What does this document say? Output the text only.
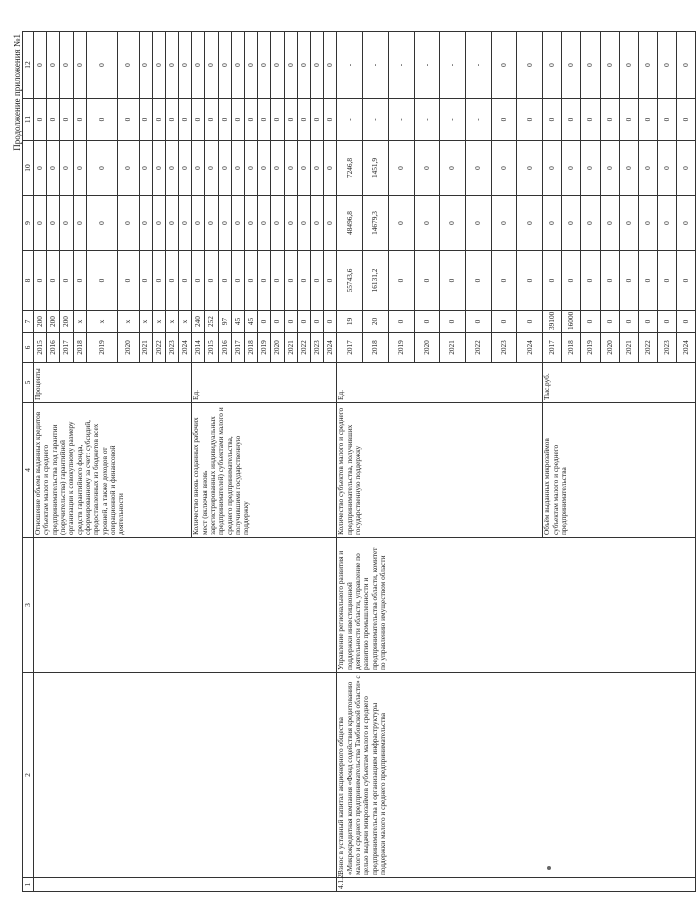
Продолжение приложения №1
1	2	3	4	5	6	7	8	9	10	11	12
			Отношение объема выданных кредитов субъектам малого и среднего предпринимательства под гарантии (поручительства) гарантийной организации к совокупному размеру средств гарантийного фонда, сформированному за счет: субсидий, предоставленных из бюджетов всех уровней, а также доходов от операционной и финансовой деятельности	Проценты	2015	200	0	0	0	0	0
					2016	200	0	0	0	0	0
					2017	200	0	0	0	0	0
					2018	х	0	0	0	0	0
					2019	х	0	0	0	0	0
					2020	х	0	0	0	0	0
					2021	х	0	0	0	0	0
					2022	х	0	0	0	0	0
					2023	х	0	0	0	0	0
					2024	х	0	0	0	0	0
			Количество вновь созданных рабочих мест (включая вновь зарегистрированных индивидуальных предпринимателей) субъектами малого и среднего предпринимательства, получившими государственную поддержку	Ед.	2014	240	0	0	0	0	0
					2015	252	0	0	0	0	0
					2016	97	0	0	0	0	0
					2017	45	0	0	0	0	0
					2018	45	0	0	0	0	0
					2019	0	0	0	0	0	0
					2020	0	0	0	0	0	0
					2021	0	0	0	0	0	0
					2022	0	0	0	0	0	0
					2023	0	0	0	0	0	0
					2024	0	0	0	0	0	0
4.1.2.	Взнос в уставный капитал акционерного общества «Микрокредитная компания «Фонд содействия кредитованию малого и среднего предпринимательства Тамбовской области» с целью выдачи микрозаймов субъектам малого и среднего предпринимательства и организациям инфраструктуры поддержки малого и среднего предпринимательства	Управление регионального развития и поддержки инвестиционной деятельности области, управление по развитию промышленности и предпринимательства области, комитет по управлению имуществом области	Количество субъектов малого и среднего предпринимательства, получивших государственную поддержку	Ед.	2017	19	55743,6	48496,8	7246,8	-	-
					2018	20	16131,2	14679,3	1451,9	-	-
					2019	0	0	0	0	-	-
					2020	0	0	0	0	-	-
					2021	0	0	0	0	-	-
					2022	0	0	0	0	-	-
					2023	0	0	0	0	0	0
					2024	0	0	0	0	0	0
			Объём выданных микрозаймов субъектам малого и среднего предпринимательства	Тыс.руб.	2017	39100	0	0	0	0	0
					2018	16000	0	0	0	0	0
					2019	0	0	0	0	0	0
					2020	0	0	0	0	0	0
					2021	0	0	0	0	0	0
					2022	0	0	0	0	0	0
					2023	0	0	0	0	0	0
					2024	0	0	0	0	0	0
